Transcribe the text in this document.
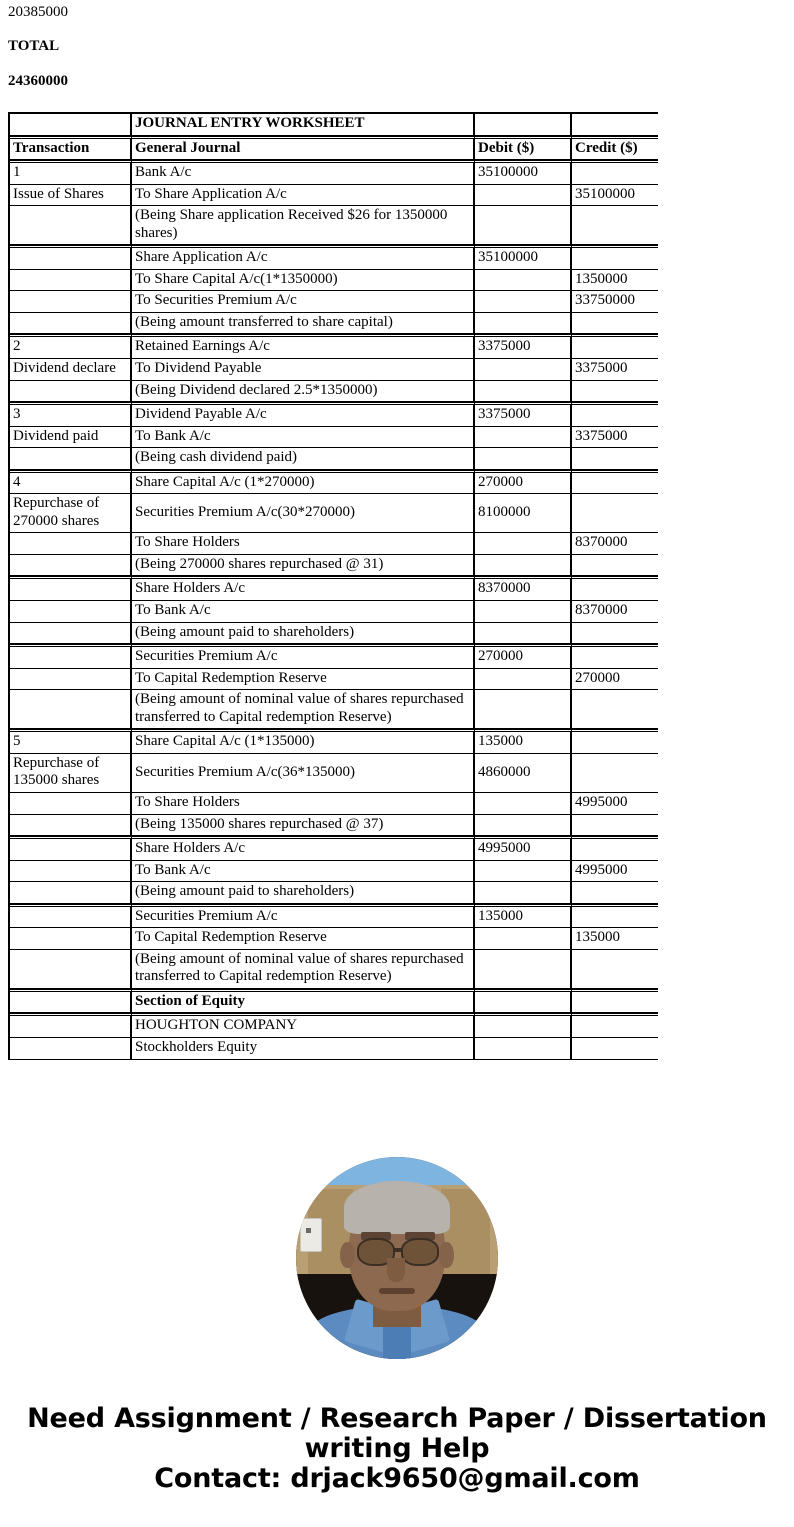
20385000
TOTAL
24360000
	JOURNAL ENTRY WORKSHEET		
Transaction	General Journal	Debit ($)	Credit ($)
1	Bank A/c	35100000	
Issue of Shares	To Share Application A/c		35100000
	(Being Share application Received $26 for 1350000 shares)		
	Share Application A/c	35100000	
	To Share Capital A/c(1*1350000)		1350000
	To Securities Premium A/c		33750000
	(Being amount transferred to share capital)		
2	Retained Earnings A/c	3375000	
Dividend declare	To Dividend Payable		3375000
	(Being Dividend declared 2.5*1350000)		
3	Dividend Payable A/c	3375000	
Dividend paid	To Bank A/c		3375000
	(Being cash dividend paid)		
4	Share Capital A/c (1*270000)	270000	
Repurchase of 270000 shares	Securities Premium A/c(30*270000)	8100000	
	To Share Holders		8370000
	(Being 270000 shares repurchased @ 31)		
	Share Holders A/c	8370000	
	To Bank A/c		8370000
	(Being amount paid to shareholders)		
	Securities Premium A/c	270000	
	To Capital Redemption Reserve		270000
	(Being amount of nominal value of shares repurchased transferred to Capital redemption Reserve)		
5	Share Capital A/c (1*135000)	135000	
Repurchase of 135000 shares	Securities Premium A/c(36*135000)	4860000	
	To Share Holders		4995000
	(Being 135000 shares repurchased @ 37)		
	Share Holders A/c	4995000	
	To Bank A/c		4995000
	(Being amount paid to shareholders)		
	Securities Premium A/c	135000	
	To Capital Redemption Reserve		135000
	(Being amount of nominal value of shares repurchased transferred to Capital redemption Reserve)		
	Section of Equity		
	HOUGHTON COMPANY		
	Stockholders Equity		
Need Assignment / Research Paper / Dissertation
writing Help
Contact: drjack9650@gmail.com
